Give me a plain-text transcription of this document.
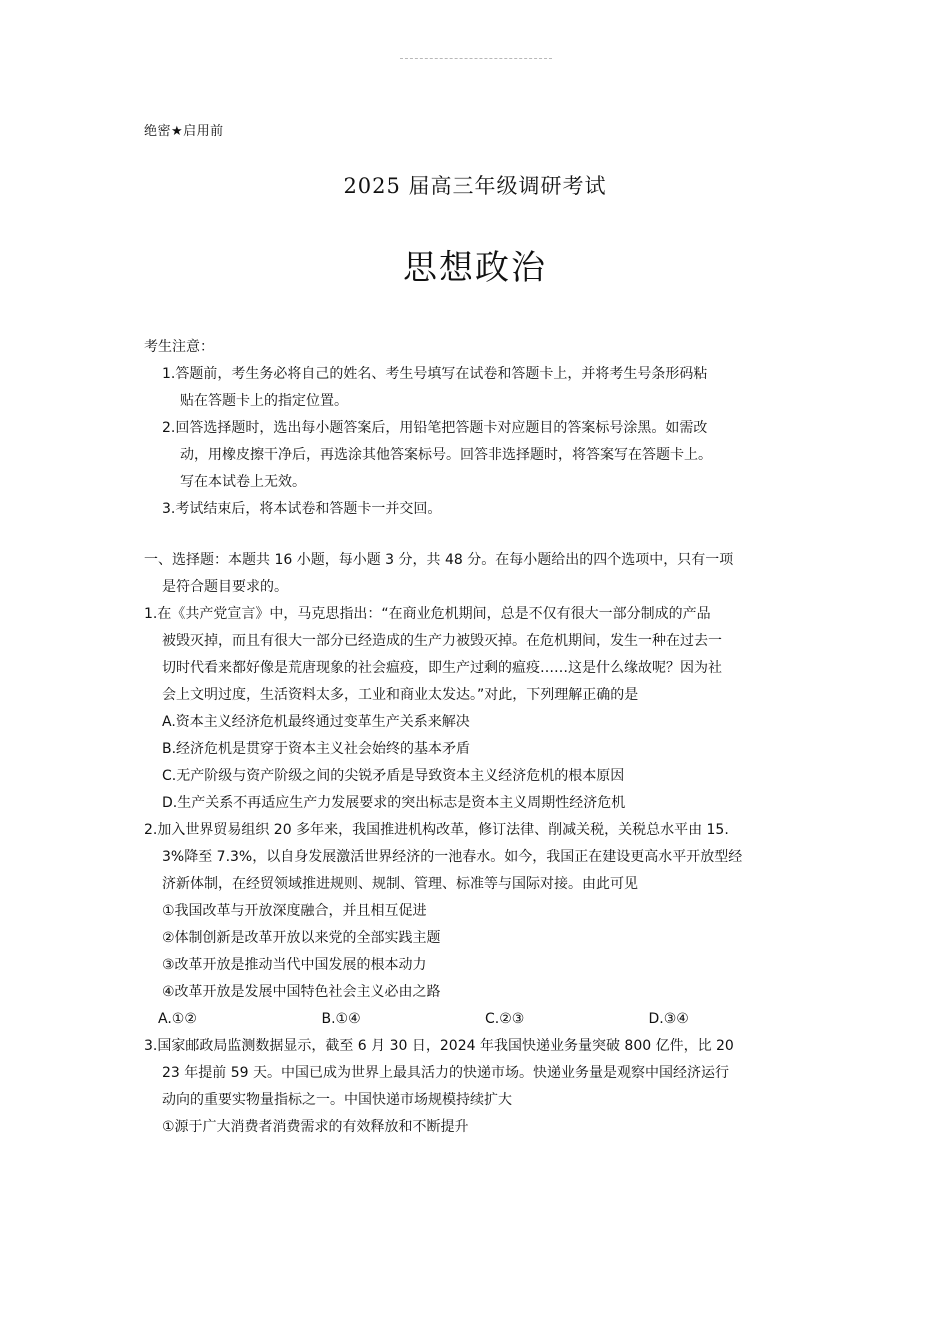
绝密★启用前
2025 届高三年级调研考试
思想政治
考生注意：
1.答题前，考生务必将自己的姓名、考生号填写在试卷和答题卡上，并将考生号条形码粘
贴在答题卡上的指定位置。
2.回答选择题时，选出每小题答案后，用铅笔把答题卡对应题目的答案标号涂黑。如需改
动，用橡皮擦干净后，再选涂其他答案标号。回答非选择题时，将答案写在答题卡上。
写在本试卷上无效。
3.考试结束后，将本试卷和答题卡一并交回。
一、选择题：本题共 16 小题，每小题 3 分，共 48 分。在每小题给出的四个选项中，只有一项
是符合题目要求的。
1.在《共产党宣言》中，马克思指出：“在商业危机期间，总是不仅有很大一部分制成的产品
被毁灭掉，而且有很大一部分已经造成的生产力被毁灭掉。在危机期间，发生一种在过去一
切时代看来都好像是荒唐现象的社会瘟疫，即生产过剩的瘟疫……这是什么缘故呢？因为社
会上文明过度，生活资料太多，工业和商业太发达。”对此，下列理解正确的是
A.资本主义经济危机最终通过变革生产关系来解决
B.经济危机是贯穿于资本主义社会始终的基本矛盾
C.无产阶级与资产阶级之间的尖锐矛盾是导致资本主义经济危机的根本原因
D.生产关系不再适应生产力发展要求的突出标志是资本主义周期性经济危机
2.加入世界贸易组织 20 多年来，我国推进机构改革，修订法律、削减关税，关税总水平由 15.
3%降至 7.3%，以自身发展激活世界经济的一池春水。如今，我国正在建设更高水平开放型经
济新体制，在经贸领域推进规则、规制、管理、标准等与国际对接。由此可见
①我国改革与开放深度融合，并且相互促进
②体制创新是改革开放以来党的全部实践主题
③改革开放是推动当代中国发展的根本动力
④改革开放是发展中国特色社会主义必由之路
A.①②	B.①④	C.②③	D.③④
3.国家邮政局监测数据显示，截至 6 月 30 日，2024 年我国快递业务量突破 800 亿件，比 20
23 年提前 59 天。中国已成为世界上最具活力的快递市场。快递业务量是观察中国经济运行
动向的重要实物量指标之一。中国快递市场规模持续扩大
①源于广大消费者消费需求的有效释放和不断提升
